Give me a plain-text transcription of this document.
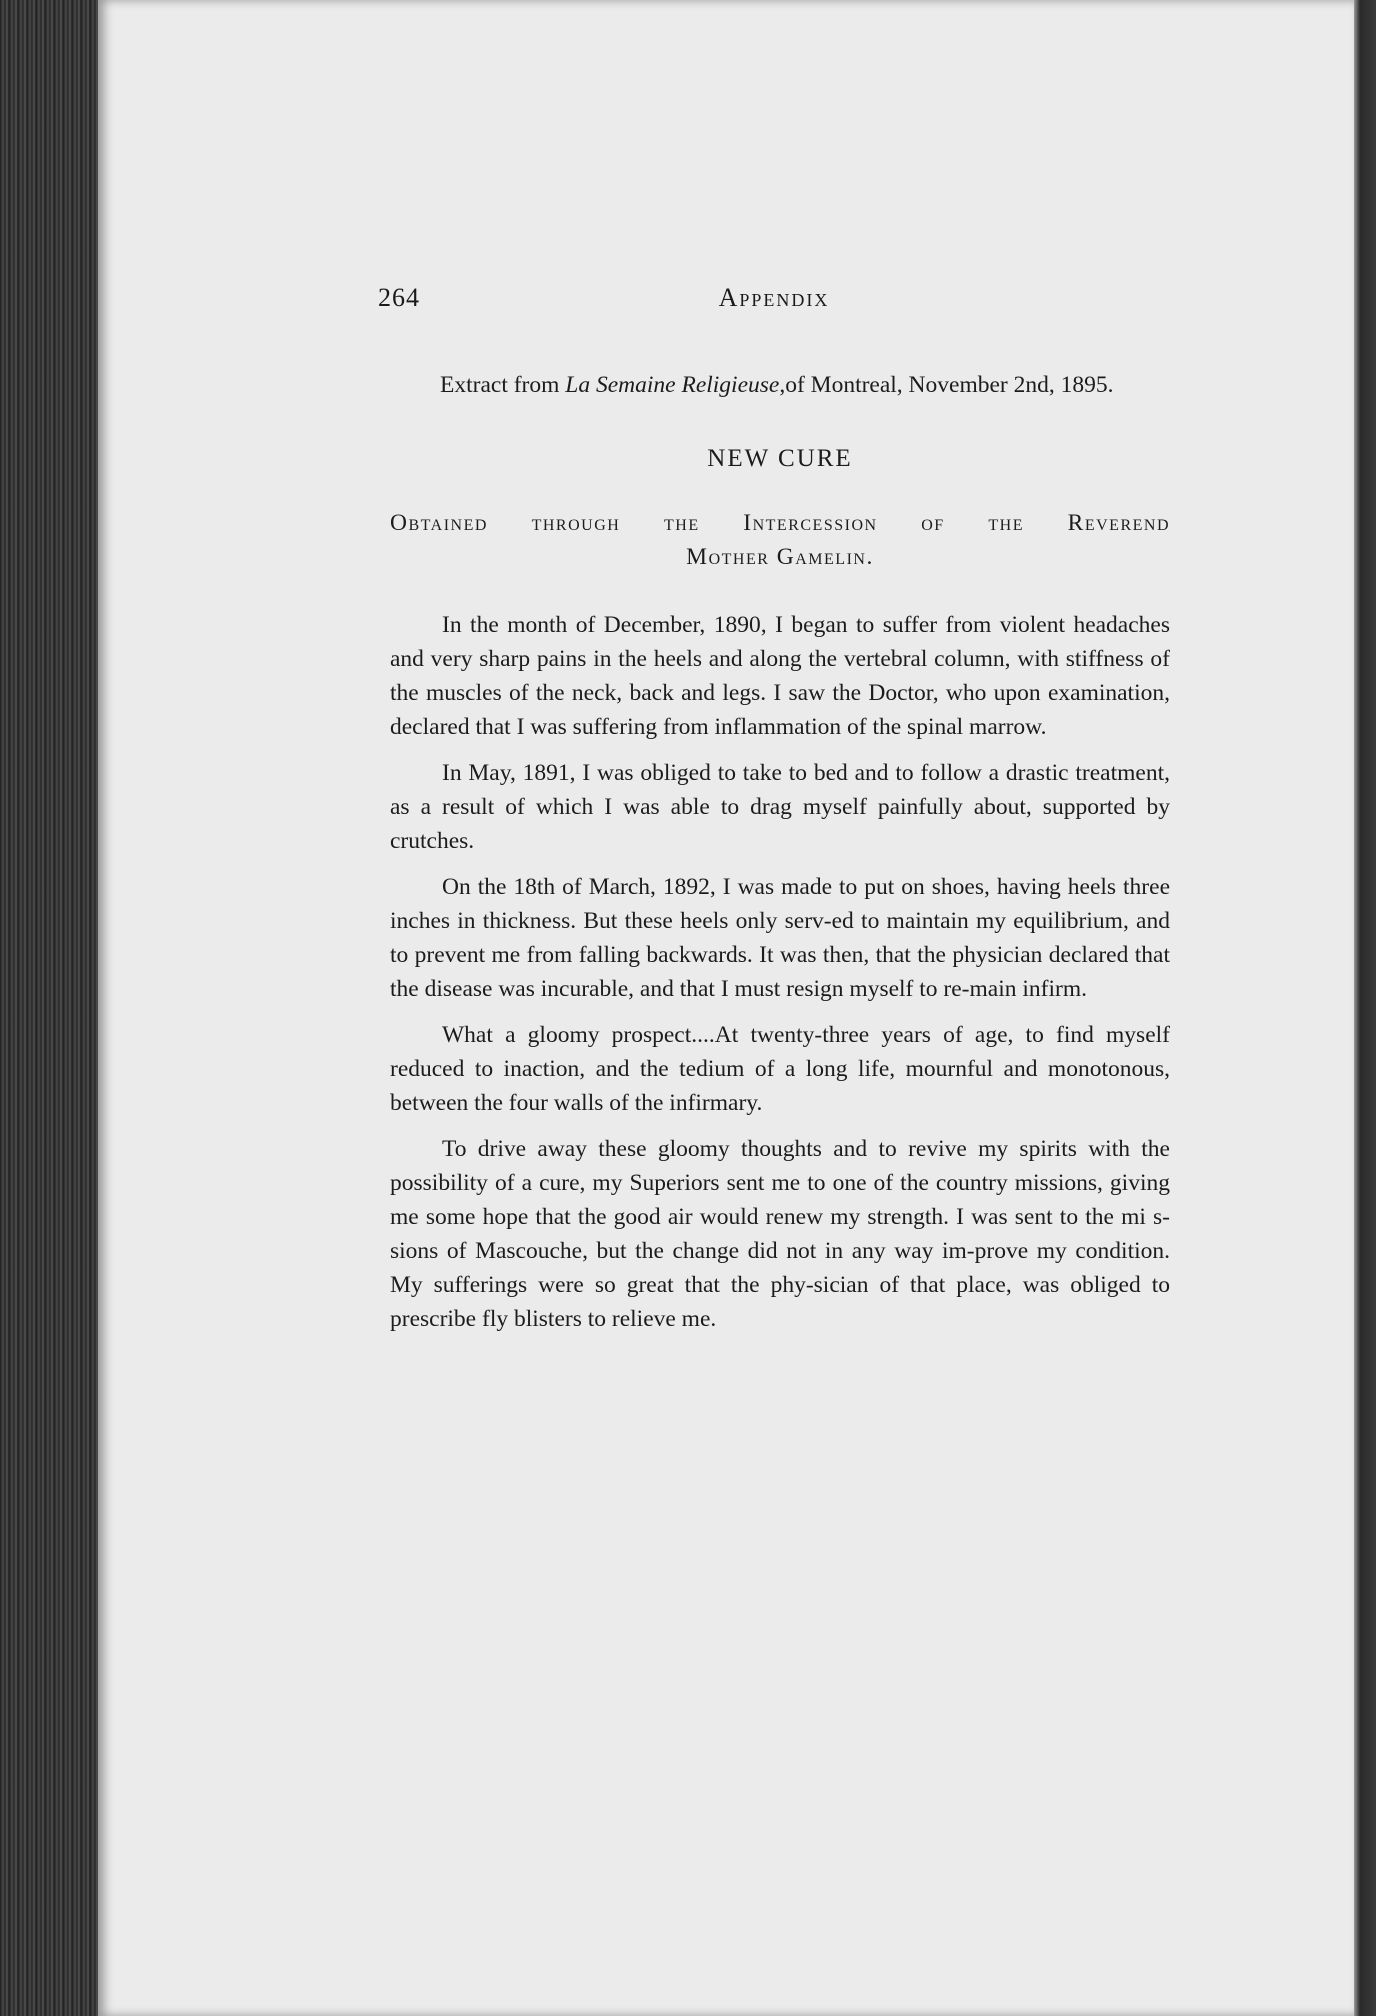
264	Appendix

Extract from La Semaine Religieuse,of Montreal, November 2nd, 1895.

NEW CURE

Obtained through the Intercession of the Reverend
Mother Gamelin.

In the month of December, 1890, I began to suffer from violent headaches and very sharp pains in the heels and along the vertebral column, with stiffness of the muscles of the neck, back and legs. I saw the Doctor, who upon examination, declared that I was suffering from inflammation of the spinal marrow.

In May, 1891, I was obliged to take to bed and to follow a drastic treatment, as a result of which I was able to drag myself painfully about, supported by crutches.

On the 18th of March, 1892, I was made to put on shoes, having heels three inches in thickness. But these heels only serv-ed to maintain my equilibrium, and to prevent me from falling backwards. It was then, that the physician declared that the disease was incurable, and that I must resign myself to re-main infirm.

What a gloomy prospect....At twenty-three years of age, to find myself reduced to inaction, and the tedium of a long life, mournful and monotonous, between the four walls of the infirmary.

To drive away these gloomy thoughts and to revive my spirits with the possibility of a cure, my Superiors sent me to one of the country missions, giving me some hope that the good air would renew my strength. I was sent to the mi s-sions of Mascouche, but the change did not in any way im-prove my condition. My sufferings were so great that the phy-sician of that place, was obliged to prescribe fly blisters to relieve me.
